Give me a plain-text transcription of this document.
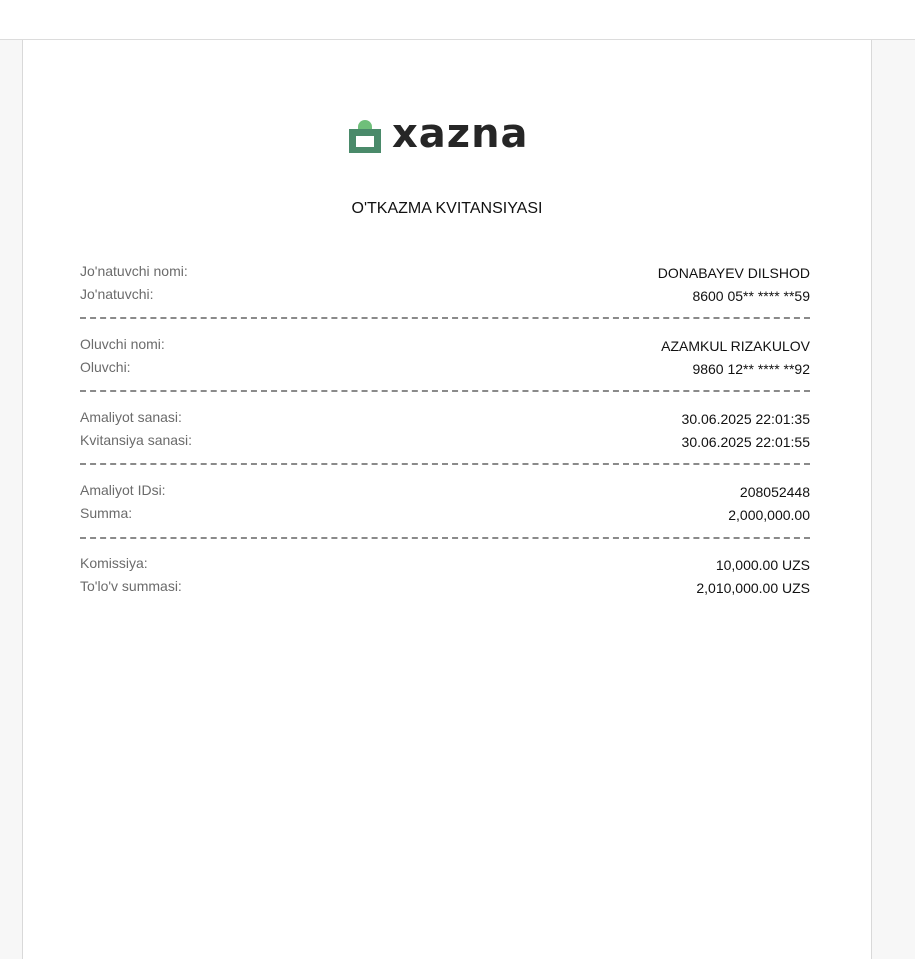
xazna
O'TKAZMA KVITANSIYASI
Jo'natuvchi nomi:	DONABAYEV DILSHOD
Jo'natuvchi:	8600 05** **** **59
Oluvchi nomi:	AZAMKUL RIZAKULOV
Oluvchi:	9860 12** **** **92
Amaliyot sanasi:	30.06.2025 22:01:35
Kvitansiya sanasi:	30.06.2025 22:01:55
Amaliyot IDsi:	208052448
Summa:	2,000,000.00
Komissiya:	10,000.00 UZS
To'lo'v summasi:	2,010,000.00 UZS
